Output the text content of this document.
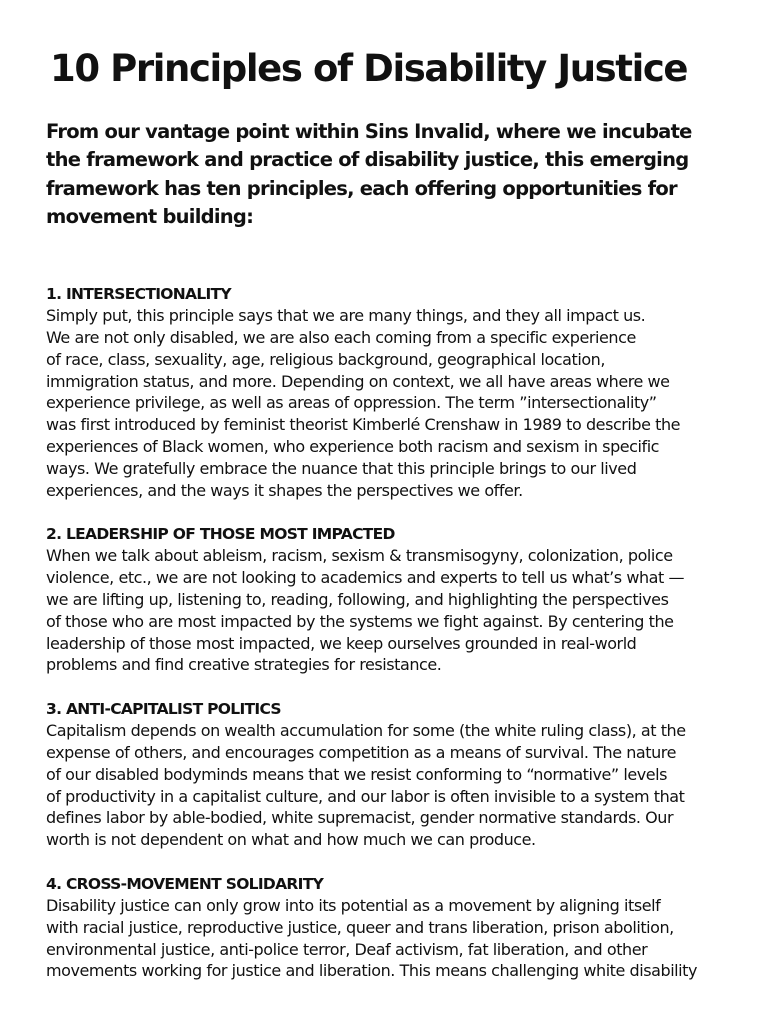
10 Principles of Disability Justice
From our vantage point within Sins Invalid, where we incubate
the framework and practice of disability justice, this emerging
framework has ten principles, each offering opportunities for
movement building:
1. INTERSECTIONALITY

Simply put, this principle says that we are many things, and they all impact us.
We are not only disabled, we are also each coming from a specific experience
of race, class, sexuality, age, religious background, geographical location,
immigration status, and more. Depending on context, we all have areas where we
experience privilege, as well as areas of oppression. The term ”intersectionality”
was first introduced by feminist theorist Kimberlé Crenshaw in 1989 to describe the
experiences of Black women, who experience both racism and sexism in specific
ways. We gratefully embrace the nuance that this principle brings to our lived
experiences, and the ways it shapes the perspectives we offer.

2. LEADERSHIP OF THOSE MOST IMPACTED

When we talk about ableism, racism, sexism & transmisogyny, colonization, police
violence, etc., we are not looking to academics and experts to tell us what’s what —
we are lifting up, listening to, reading, following, and highlighting the perspectives
of those who are most impacted by the systems we fight against. By centering the
leadership of those most impacted, we keep ourselves grounded in real-world
problems and find creative strategies for resistance.

3. ANTI-CAPITALIST POLITICS

Capitalism depends on wealth accumulation for some (the white ruling class), at the
expense of others, and encourages competition as a means of survival. The nature
of our disabled bodyminds means that we resist conforming to “normative” levels
of productivity in a capitalist culture, and our labor is often invisible to a system that
defines labor by able-bodied, white supremacist, gender normative standards. Our
worth is not dependent on what and how much we can produce.

4. CROSS-MOVEMENT SOLIDARITY

Disability justice can only grow into its potential as a movement by aligning itself
with racial justice, reproductive justice, queer and trans liberation, prison abolition,
environmental justice, anti-police terror, Deaf activism, fat liberation, and other
movements working for justice and liberation. This means challenging white disability
